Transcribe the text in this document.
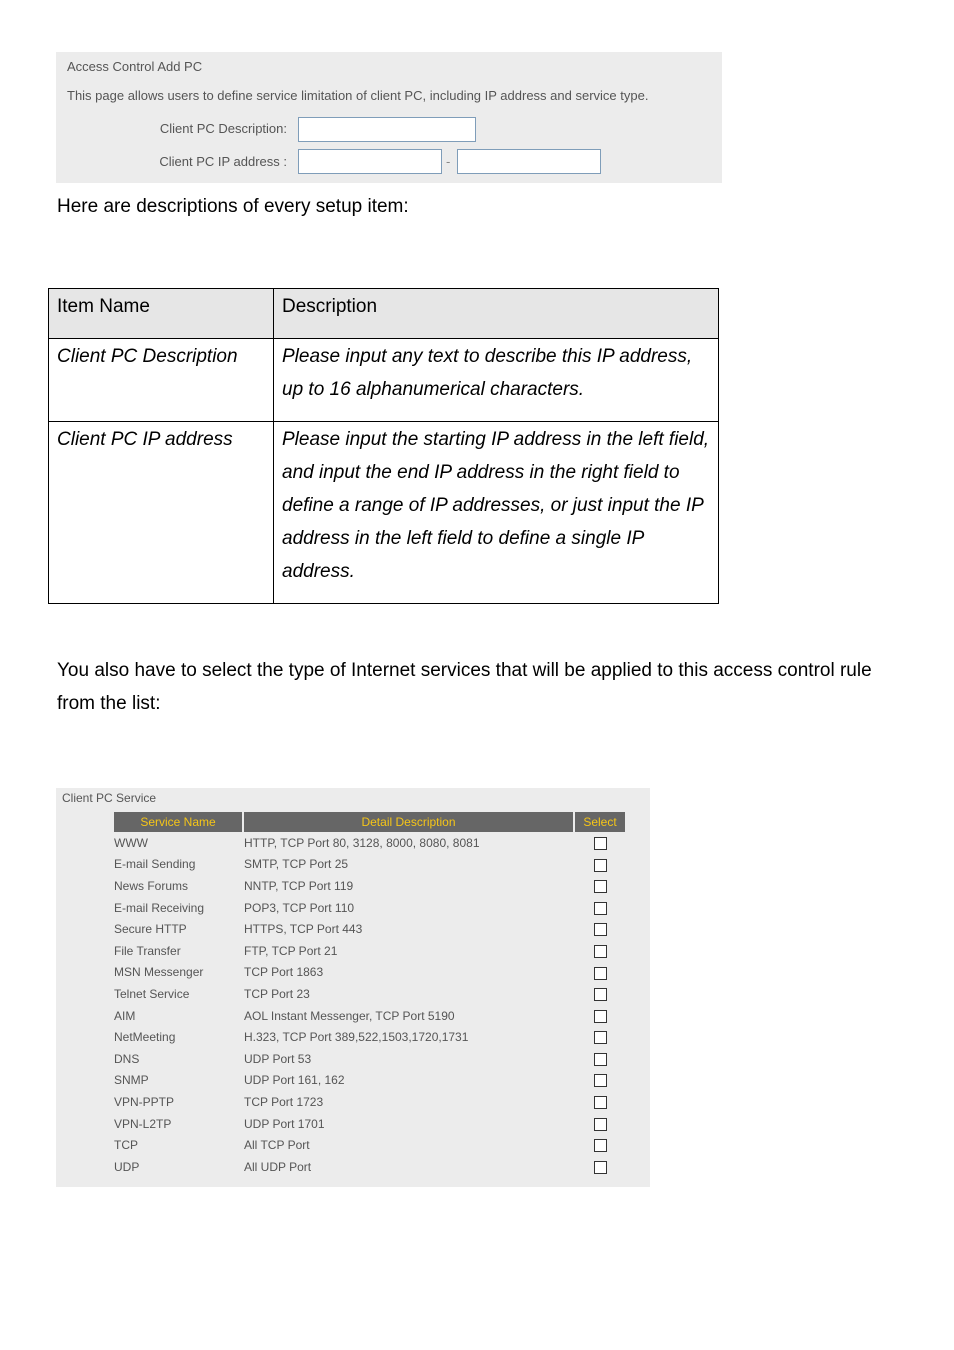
Access Control Add PC
This page allows users to define service limitation of client PC, including IP address and service type.
Client PC Description:
Client PC IP address :	-
Here are descriptions of every setup item:
Item Name	Description
Client PC Description	Please input any text to describe this IP address, up to 16 alphanumerical characters.
Client PC IP address	Please input the starting IP address in the left field, and input the end IP address in the right field to define a range of IP addresses, or just input the IP address in the left field to define a single IP address.
You also have to select the type of Internet services that will be applied to this access control rule from the list:
Client PC Service
Service Name	Detail Description	Select
WWW	HTTP, TCP Port 80, 3128, 8000, 8080, 8081	
E-mail Sending	SMTP, TCP Port 25	
News Forums	NNTP, TCP Port 119	
E-mail Receiving	POP3, TCP Port 110	
Secure HTTP	HTTPS, TCP Port 443	
File Transfer	FTP, TCP Port 21	
MSN Messenger	TCP Port 1863	
Telnet Service	TCP Port 23	
AIM	AOL Instant Messenger, TCP Port 5190	
NetMeeting	H.323, TCP Port 389,522,1503,1720,1731	
DNS	UDP Port 53	
SNMP	UDP Port 161, 162	
VPN-PPTP	TCP Port 1723	
VPN-L2TP	UDP Port 1701	
TCP	All TCP Port	
UDP	All UDP Port	
